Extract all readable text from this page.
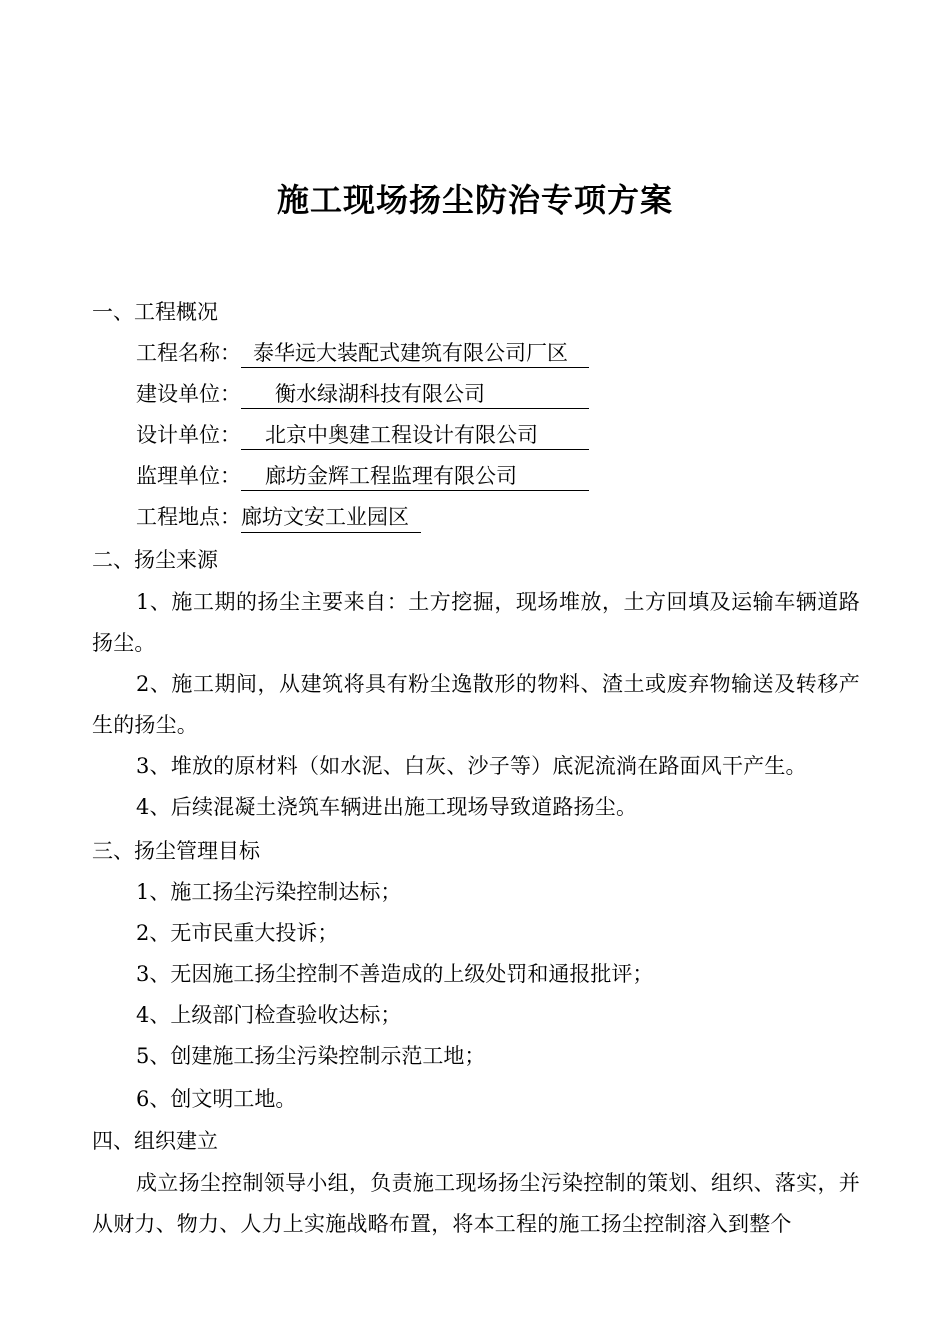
施工现场扬尘防治专项方案
一、工程概况
工程名称： 泰华远大装配式建筑有限公司厂区
建设单位： 衡水绿湖科技有限公司
设计单位： 北京中奥建工程设计有限公司
监理单位： 廊坊金辉工程监理有限公司
工程地点：廊坊文安工业园区
二、扬尘来源
1、施工期的扬尘主要来自：土方挖掘，现场堆放，土方回填及运输车辆道路扬尘。
2、施工期间，从建筑将具有粉尘逸散形的物料、渣土或废弃物输送及转移产生的扬尘。
3、堆放的原材料（如水泥、白灰、沙子等）底泥流淌在路面风干产生。
4、后续混凝土浇筑车辆进出施工现场导致道路扬尘。
三、扬尘管理目标
1、施工扬尘污染控制达标；
2、无市民重大投诉；
3、无因施工扬尘控制不善造成的上级处罚和通报批评；
4、上级部门检查验收达标；
5、创建施工扬尘污染控制示范工地；
6、创文明工地。
四、组织建立
成立扬尘控制领导小组，负责施工现场扬尘污染控制的策划、组织、落实，并从财力、物力、人力上实施战略布置，将本工程的施工扬尘控制溶入到整个
